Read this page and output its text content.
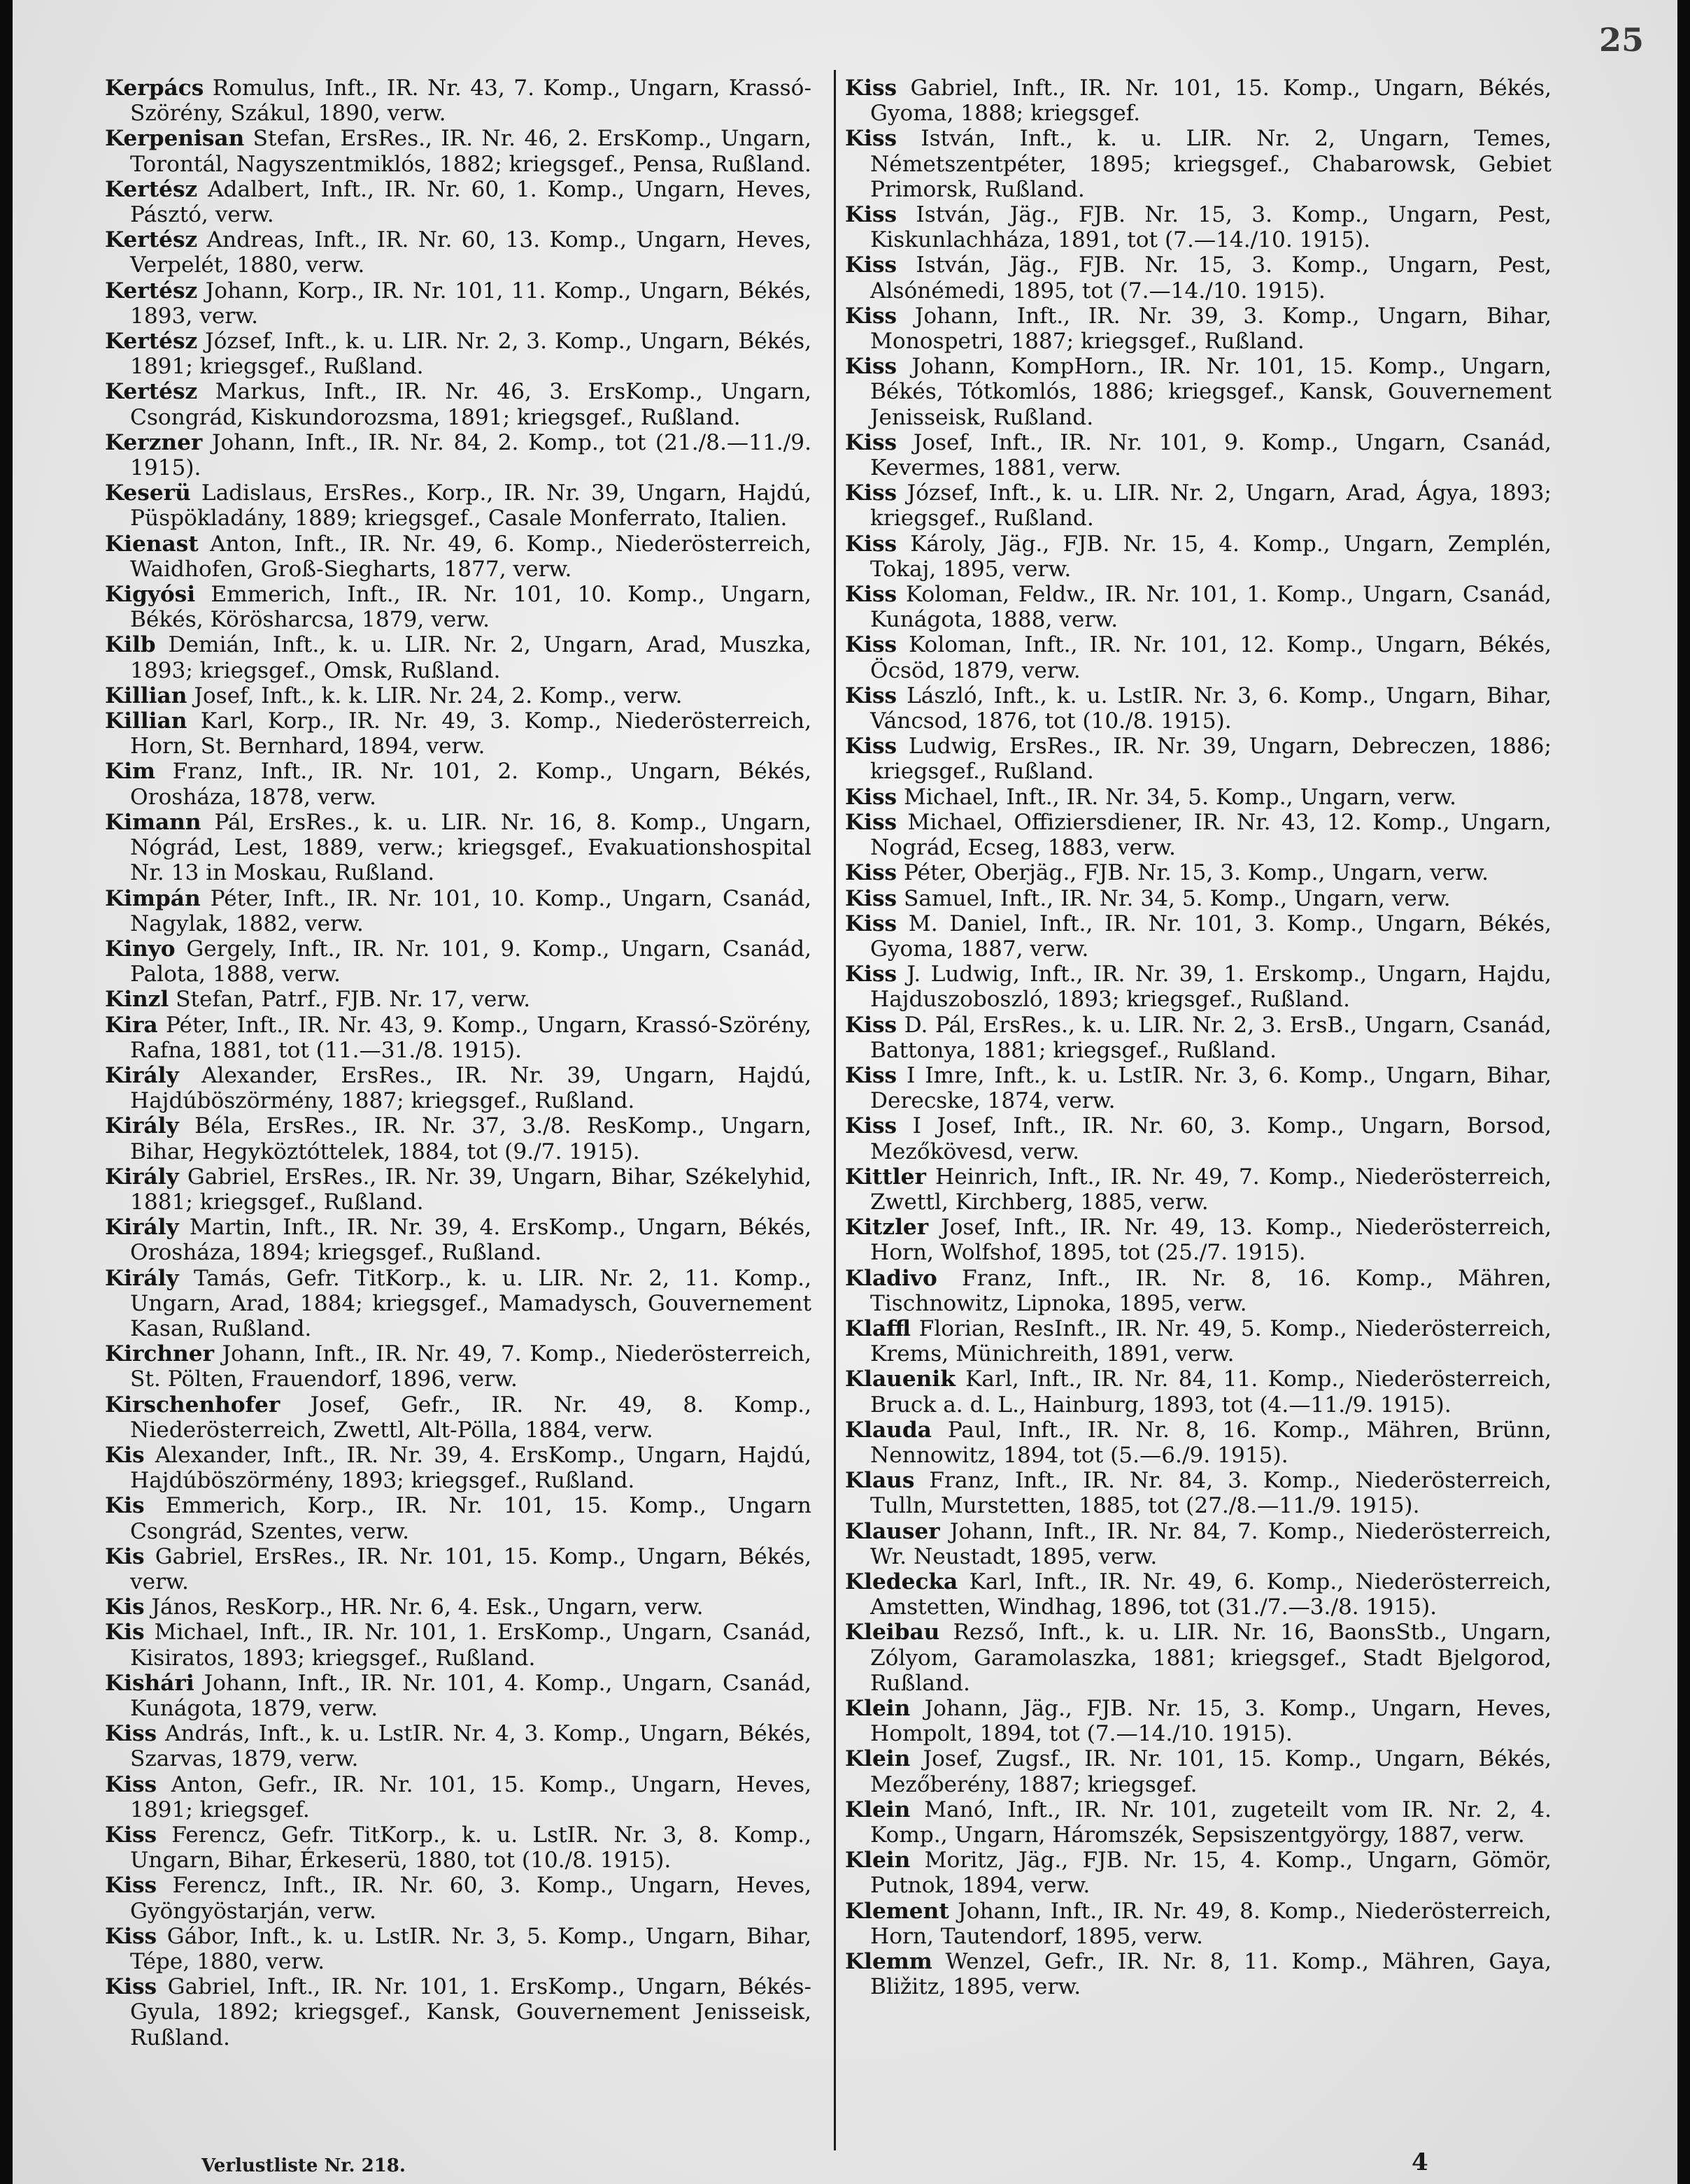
25

Kerpács Romulus, Inft., IR. Nr. 43, 7. Komp., Ungarn, Krassó-Szörény, Szákul, 1890, verw.

Kerpenisan Stefan, ErsRes., IR. Nr. 46, 2. ErsKomp., Ungarn, Torontál, Nagyszentmiklós, 1882; kriegsgef., Pensa, Rußland.

Kertész Adalbert, Inft., IR. Nr. 60, 1. Komp., Ungarn, Heves, Pásztó, verw.

Kertész Andreas, Inft., IR. Nr. 60, 13. Komp., Ungarn, Heves, Verpelét, 1880, verw.

Kertész Johann, Korp., IR. Nr. 101, 11. Komp., Ungarn, Békés, 1893, verw.

Kertész József, Inft., k. u. LIR. Nr. 2, 3. Komp., Ungarn, Békés, 1891; kriegsgef., Rußland.

Kertész Markus, Inft., IR. Nr. 46, 3. ErsKomp., Ungarn, Csongrád, Kiskundorozsma, 1891; kriegsgef., Rußland.

Kerzner Johann, Inft., IR. Nr. 84, 2. Komp., tot (21./8.—11./9. 1915).

Keserü Ladislaus, ErsRes., Korp., IR. Nr. 39, Ungarn, Hajdú, Püspökladány, 1889; kriegsgef., Casale Monferrato, Italien.

Kienast Anton, Inft., IR. Nr. 49, 6. Komp., Niederösterreich, Waidhofen, Groß-Siegharts, 1877, verw.

Kigyósi Emmerich, Inft., IR. Nr. 101, 10. Komp., Ungarn, Békés, Körösharcsa, 1879, verw.

Kilb Demián, Inft., k. u. LIR. Nr. 2, Ungarn, Arad, Muszka, 1893; kriegsgef., Omsk, Rußland.

Killian Josef, Inft., k. k. LIR. Nr. 24, 2. Komp., verw.

Killian Karl, Korp., IR. Nr. 49, 3. Komp., Niederösterreich, Horn, St. Bernhard, 1894, verw.

Kim Franz, Inft., IR. Nr. 101, 2. Komp., Ungarn, Békés, Orosháza, 1878, verw.

Kimann Pál, ErsRes., k. u. LIR. Nr. 16, 8. Komp., Ungarn, Nógrád, Lest, 1889, verw.; kriegsgef., Evakuationshospital Nr. 13 in Moskau, Rußland.

Kimpán Péter, Inft., IR. Nr. 101, 10. Komp., Ungarn, Csanád, Nagylak, 1882, verw.

Kinyo Gergely, Inft., IR. Nr. 101, 9. Komp., Ungarn, Csanád, Palota, 1888, verw.

Kinzl Stefan, Patrf., FJB. Nr. 17, verw.

Kira Péter, Inft., IR. Nr. 43, 9. Komp., Ungarn, Krassó-Szörény, Rafna, 1881, tot (11.—31./8. 1915).

Király Alexander, ErsRes., IR. Nr. 39, Ungarn, Hajdú, Hajdúböszörmény, 1887; kriegsgef., Rußland.

Király Béla, ErsRes., IR. Nr. 37, 3./8. ResKomp., Ungarn, Bihar, Hegyköztóttelek, 1884, tot (9./7. 1915).

Király Gabriel, ErsRes., IR. Nr. 39, Ungarn, Bihar, Székelyhid, 1881; kriegsgef., Rußland.

Király Martin, Inft., IR. Nr. 39, 4. ErsKomp., Ungarn, Békés, Orosháza, 1894; kriegsgef., Rußland.

Király Tamás, Gefr. TitKorp., k. u. LIR. Nr. 2, 11. Komp., Ungarn, Arad, 1884; kriegsgef., Mamadysch, Gouvernement Kasan, Rußland.

Kirchner Johann, Inft., IR. Nr. 49, 7. Komp., Niederösterreich, St. Pölten, Frauendorf, 1896, verw.

Kirschenhofer Josef, Gefr., IR. Nr. 49, 8. Komp., Niederösterreich, Zwettl, Alt-Pölla, 1884, verw.

Kis Alexander, Inft., IR. Nr. 39, 4. ErsKomp., Ungarn, Hajdú, Hajdúböszörmény, 1893; kriegsgef., Rußland.

Kis Emmerich, Korp., IR. Nr. 101, 15. Komp., Ungarn Csongrád, Szentes, verw.

Kis Gabriel, ErsRes., IR. Nr. 101, 15. Komp., Ungarn, Békés, verw.

Kis János, ResKorp., HR. Nr. 6, 4. Esk., Ungarn, verw.

Kis Michael, Inft., IR. Nr. 101, 1. ErsKomp., Ungarn, Csanád, Kisiratos, 1893; kriegsgef., Rußland.

Kishári Johann, Inft., IR. Nr. 101, 4. Komp., Ungarn, Csanád, Kunágota, 1879, verw.

Kiss András, Inft., k. u. LstIR. Nr. 4, 3. Komp., Ungarn, Békés, Szarvas, 1879, verw.

Kiss Anton, Gefr., IR. Nr. 101, 15. Komp., Ungarn, Heves, 1891; kriegsgef.

Kiss Ferencz, Gefr. TitKorp., k. u. LstIR. Nr. 3, 8. Komp., Ungarn, Bihar, Érkeserü, 1880, tot (10./8. 1915).

Kiss Ferencz, Inft., IR. Nr. 60, 3. Komp., Ungarn, Heves, Gyöngyöstarján, verw.

Kiss Gábor, Inft., k. u. LstIR. Nr. 3, 5. Komp., Ungarn, Bihar, Tépe, 1880, verw.

Kiss Gabriel, Inft., IR. Nr. 101, 1. ErsKomp., Ungarn, Békés-Gyula, 1892; kriegsgef., Kansk, Gouvernement Jenisseisk, Rußland.

Kiss Gabriel, Inft., IR. Nr. 101, 15. Komp., Ungarn, Békés, Gyoma, 1888; kriegsgef.

Kiss István, Inft., k. u. LIR. Nr. 2, Ungarn, Temes, Németszentpéter, 1895; kriegsgef., Chabarowsk, Gebiet Primorsk, Rußland.

Kiss István, Jäg., FJB. Nr. 15, 3. Komp., Ungarn, Pest, Kiskunlachháza, 1891, tot (7.—14./10. 1915).

Kiss István, Jäg., FJB. Nr. 15, 3. Komp., Ungarn, Pest, Alsónémedi, 1895, tot (7.—14./10. 1915).

Kiss Johann, Inft., IR. Nr. 39, 3. Komp., Ungarn, Bihar, Monospetri, 1887; kriegsgef., Rußland.

Kiss Johann, KompHorn., IR. Nr. 101, 15. Komp., Ungarn, Békés, Tótkomlós, 1886; kriegsgef., Kansk, Gouvernement Jenisseisk, Rußland.

Kiss Josef, Inft., IR. Nr. 101, 9. Komp., Ungarn, Csanád, Kevermes, 1881, verw.

Kiss József, Inft., k. u. LIR. Nr. 2, Ungarn, Arad, Ágya, 1893; kriegsgef., Rußland.

Kiss Károly, Jäg., FJB. Nr. 15, 4. Komp., Ungarn, Zemplén, Tokaj, 1895, verw.

Kiss Koloman, Feldw., IR. Nr. 101, 1. Komp., Ungarn, Csanád, Kunágota, 1888, verw.

Kiss Koloman, Inft., IR. Nr. 101, 12. Komp., Ungarn, Békés, Öcsöd, 1879, verw.

Kiss László, Inft., k. u. LstIR. Nr. 3, 6. Komp., Ungarn, Bihar, Váncsod, 1876, tot (10./8. 1915).

Kiss Ludwig, ErsRes., IR. Nr. 39, Ungarn, Debreczen, 1886; kriegsgef., Rußland.

Kiss Michael, Inft., IR. Nr. 34, 5. Komp., Ungarn, verw.

Kiss Michael, Offiziersdiener, IR. Nr. 43, 12. Komp., Ungarn, Nográd, Ecseg, 1883, verw.

Kiss Péter, Oberjäg., FJB. Nr. 15, 3. Komp., Ungarn, verw.

Kiss Samuel, Inft., IR. Nr. 34, 5. Komp., Ungarn, verw.

Kiss M. Daniel, Inft., IR. Nr. 101, 3. Komp., Ungarn, Békés, Gyoma, 1887, verw.

Kiss J. Ludwig, Inft., IR. Nr. 39, 1. Erskomp., Ungarn, Hajdu, Hajduszoboszló, 1893; kriegsgef., Rußland.

Kiss D. Pál, ErsRes., k. u. LIR. Nr. 2, 3. ErsB., Ungarn, Csanád, Battonya, 1881; kriegsgef., Rußland.

Kiss I Imre, Inft., k. u. LstIR. Nr. 3, 6. Komp., Ungarn, Bihar, Derecske, 1874, verw.

Kiss I Josef, Inft., IR. Nr. 60, 3. Komp., Ungarn, Borsod, Mezőkövesd, verw.

Kittler Heinrich, Inft., IR. Nr. 49, 7. Komp., Niederösterreich, Zwettl, Kirchberg, 1885, verw.

Kitzler Josef, Inft., IR. Nr. 49, 13. Komp., Niederösterreich, Horn, Wolfshof, 1895, tot (25./7. 1915).

Kladivo Franz, Inft., IR. Nr. 8, 16. Komp., Mähren, Tischnowitz, Lipnoka, 1895, verw.

Klaffl Florian, ResInft., IR. Nr. 49, 5. Komp., Niederösterreich, Krems, Münichreith, 1891, verw.

Klauenik Karl, Inft., IR. Nr. 84, 11. Komp., Niederösterreich, Bruck a. d. L., Hainburg, 1893, tot (4.—11./9. 1915).

Klauda Paul, Inft., IR. Nr. 8, 16. Komp., Mähren, Brünn, Nennowitz, 1894, tot (5.—6./9. 1915).

Klaus Franz, Inft., IR. Nr. 84, 3. Komp., Niederösterreich, Tulln, Murstetten, 1885, tot (27./8.—11./9. 1915).

Klauser Johann, Inft., IR. Nr. 84, 7. Komp., Niederösterreich, Wr. Neustadt, 1895, verw.

Kledecka Karl, Inft., IR. Nr. 49, 6. Komp., Niederösterreich, Amstetten, Windhag, 1896, tot (31./7.—3./8. 1915).

Kleibau Rezső, Inft., k. u. LIR. Nr. 16, BaonsStb., Ungarn, Zólyom, Garamolaszka, 1881; kriegsgef., Stadt Bjelgorod, Rußland.

Klein Johann, Jäg., FJB. Nr. 15, 3. Komp., Ungarn, Heves, Hompolt, 1894, tot (7.—14./10. 1915).

Klein Josef, Zugsf., IR. Nr. 101, 15. Komp., Ungarn, Békés, Mezőberény, 1887; kriegsgef.

Klein Manó, Inft., IR. Nr. 101, zugeteilt vom IR. Nr. 2, 4. Komp., Ungarn, Háromszék, Sepsiszentgyörgy, 1887, verw.

Klein Moritz, Jäg., FJB. Nr. 15, 4. Komp., Ungarn, Gömör, Putnok, 1894, verw.

Klement Johann, Inft., IR. Nr. 49, 8. Komp., Niederösterreich, Horn, Tautendorf, 1895, verw.

Klemm Wenzel, Gefr., IR. Nr. 8, 11. Komp., Mähren, Gaya, Bližitz, 1895, verw.

Verlustliste Nr. 218.	4
